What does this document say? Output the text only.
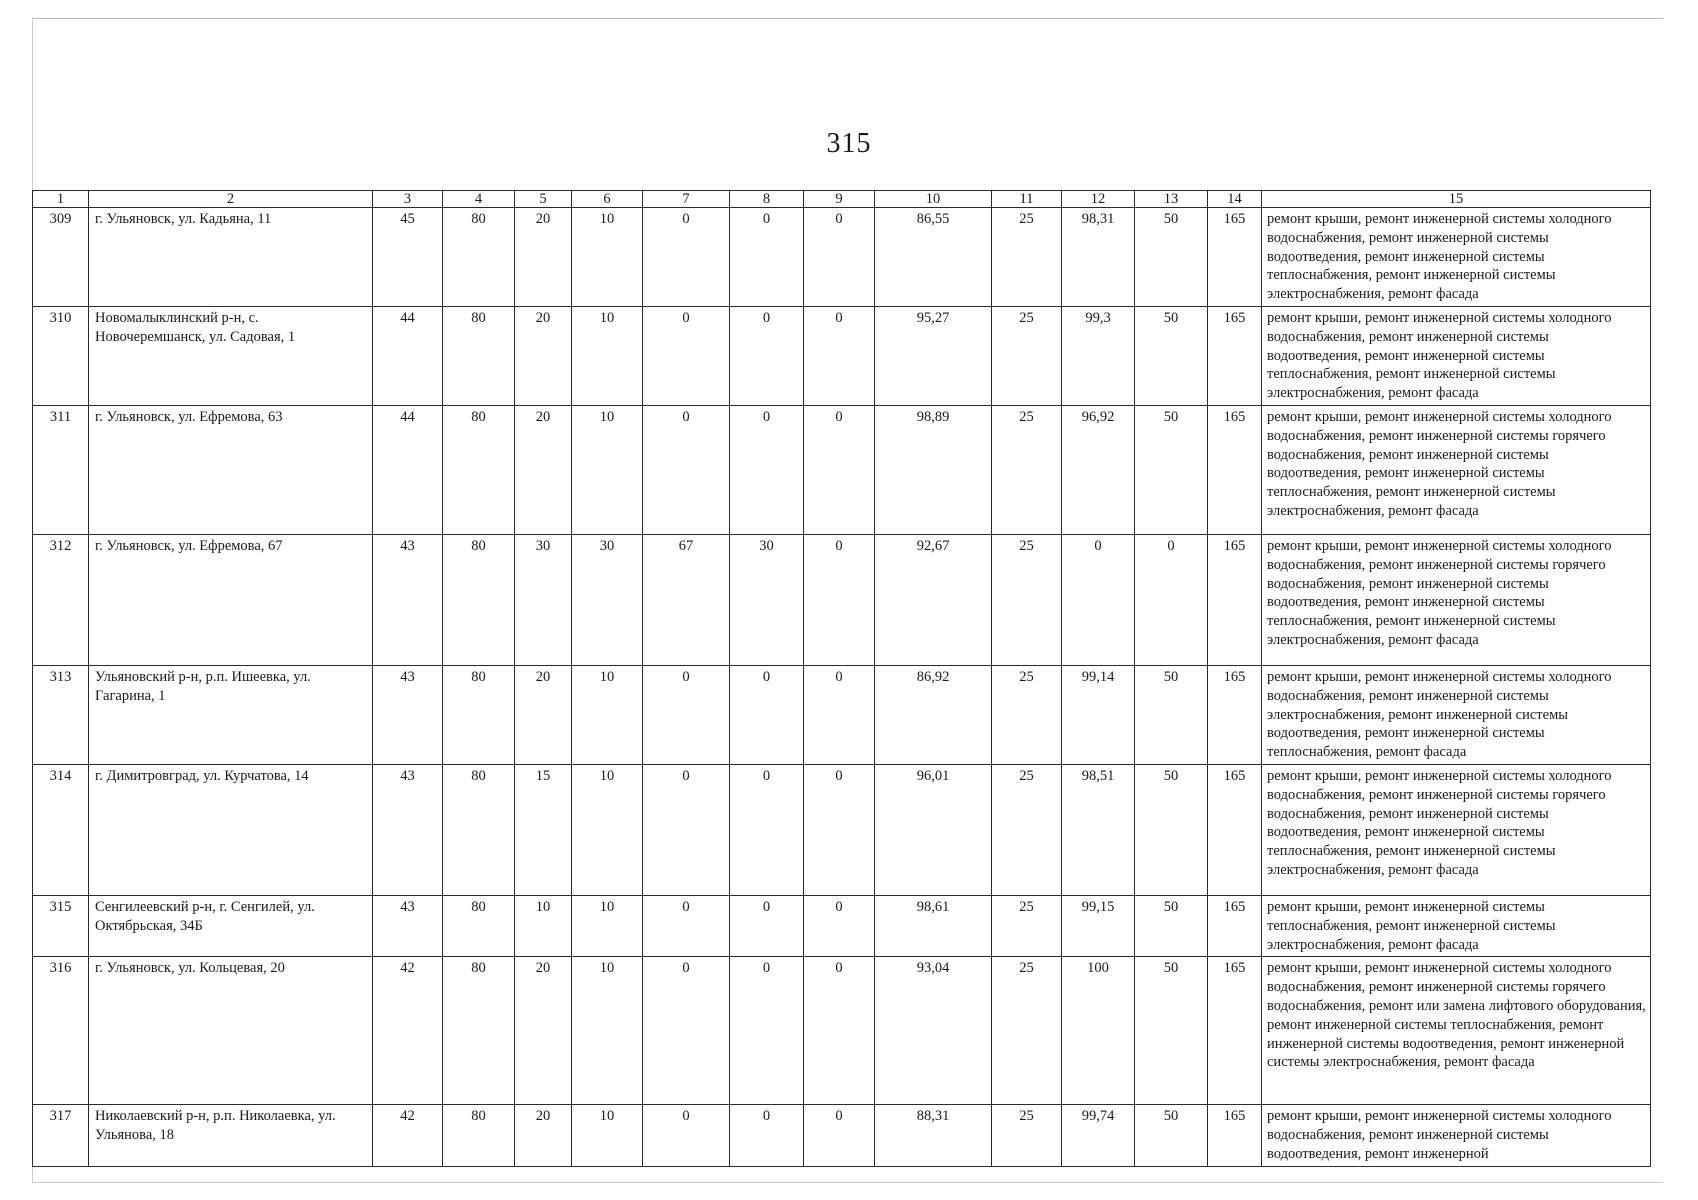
315
1	2	3	4	5	6	7	8	9	10	11	12	13	14	15
309	г. Ульяновск, ул. Кадьяна, 11	45	80	20	10	0	0	0	86,55	25	98,31	50	165	ремонт крыши, ремонт инженерной системы холодного водоснабжения, ремонт инженерной системы водоотведения, ремонт инженерной системы теплоснабжения, ремонт инженерной системы электроснабжения, ремонт фасада
310	Новомалыклинский р-н, с. Новочеремшанск, ул. Садовая, 1	44	80	20	10	0	0	0	95,27	25	99,3	50	165	ремонт крыши, ремонт инженерной системы холодного водоснабжения, ремонт инженерной системы водоотведения, ремонт инженерной системы теплоснабжения, ремонт инженерной системы электроснабжения, ремонт фасада
311	г. Ульяновск, ул. Ефремова, 63	44	80	20	10	0	0	0	98,89	25	96,92	50	165	ремонт крыши, ремонт инженерной системы холодного водоснабжения, ремонт инженерной системы горячего водоснабжения, ремонт инженерной системы водоотведения, ремонт инженерной системы теплоснабжения, ремонт инженерной системы электроснабжения, ремонт фасада
312	г. Ульяновск, ул. Ефремова, 67	43	80	30	30	67	30	0	92,67	25	0	0	165	ремонт крыши, ремонт инженерной системы холодного водоснабжения, ремонт инженерной системы горячего водоснабжения, ремонт инженерной системы водоотведения, ремонт инженерной системы теплоснабжения, ремонт инженерной системы электроснабжения, ремонт фасада
313	Ульяновский р-н, р.п. Ишеевка, ул. Гагарина, 1	43	80	20	10	0	0	0	86,92	25	99,14	50	165	ремонт крыши, ремонт инженерной системы холодного водоснабжения, ремонт инженерной системы электроснабжения, ремонт инженерной системы водоотведения, ремонт инженерной системы теплоснабжения, ремонт фасада
314	г. Димитровград, ул. Курчатова, 14	43	80	15	10	0	0	0	96,01	25	98,51	50	165	ремонт крыши, ремонт инженерной системы холодного водоснабжения, ремонт инженерной системы горячего водоснабжения, ремонт инженерной системы водоотведения, ремонт инженерной системы теплоснабжения, ремонт инженерной системы электроснабжения, ремонт фасада
315	Сенгилеевский р-н, г. Сенгилей, ул. Октябрьская, 34Б	43	80	10	10	0	0	0	98,61	25	99,15	50	165	ремонт крыши, ремонт инженерной системы теплоснабжения, ремонт инженерной системы электроснабжения, ремонт фасада
316	г. Ульяновск, ул. Кольцевая, 20	42	80	20	10	0	0	0	93,04	25	100	50	165	ремонт крыши, ремонт инженерной системы холодного водоснабжения, ремонт инженерной системы горячего водоснабжения, ремонт или замена лифтового оборудования, ремонт инженерной системы теплоснабжения, ремонт инженерной системы водоотведения, ремонт инженерной системы электроснабжения, ремонт фасада
317	Николаевский р-н, р.п. Николаевка, ул. Ульянова, 18	42	80	20	10	0	0	0	88,31	25	99,74	50	165	ремонт крыши, ремонт инженерной системы холодного водоснабжения, ремонт инженерной системы водоотведения, ремонт инженерной
